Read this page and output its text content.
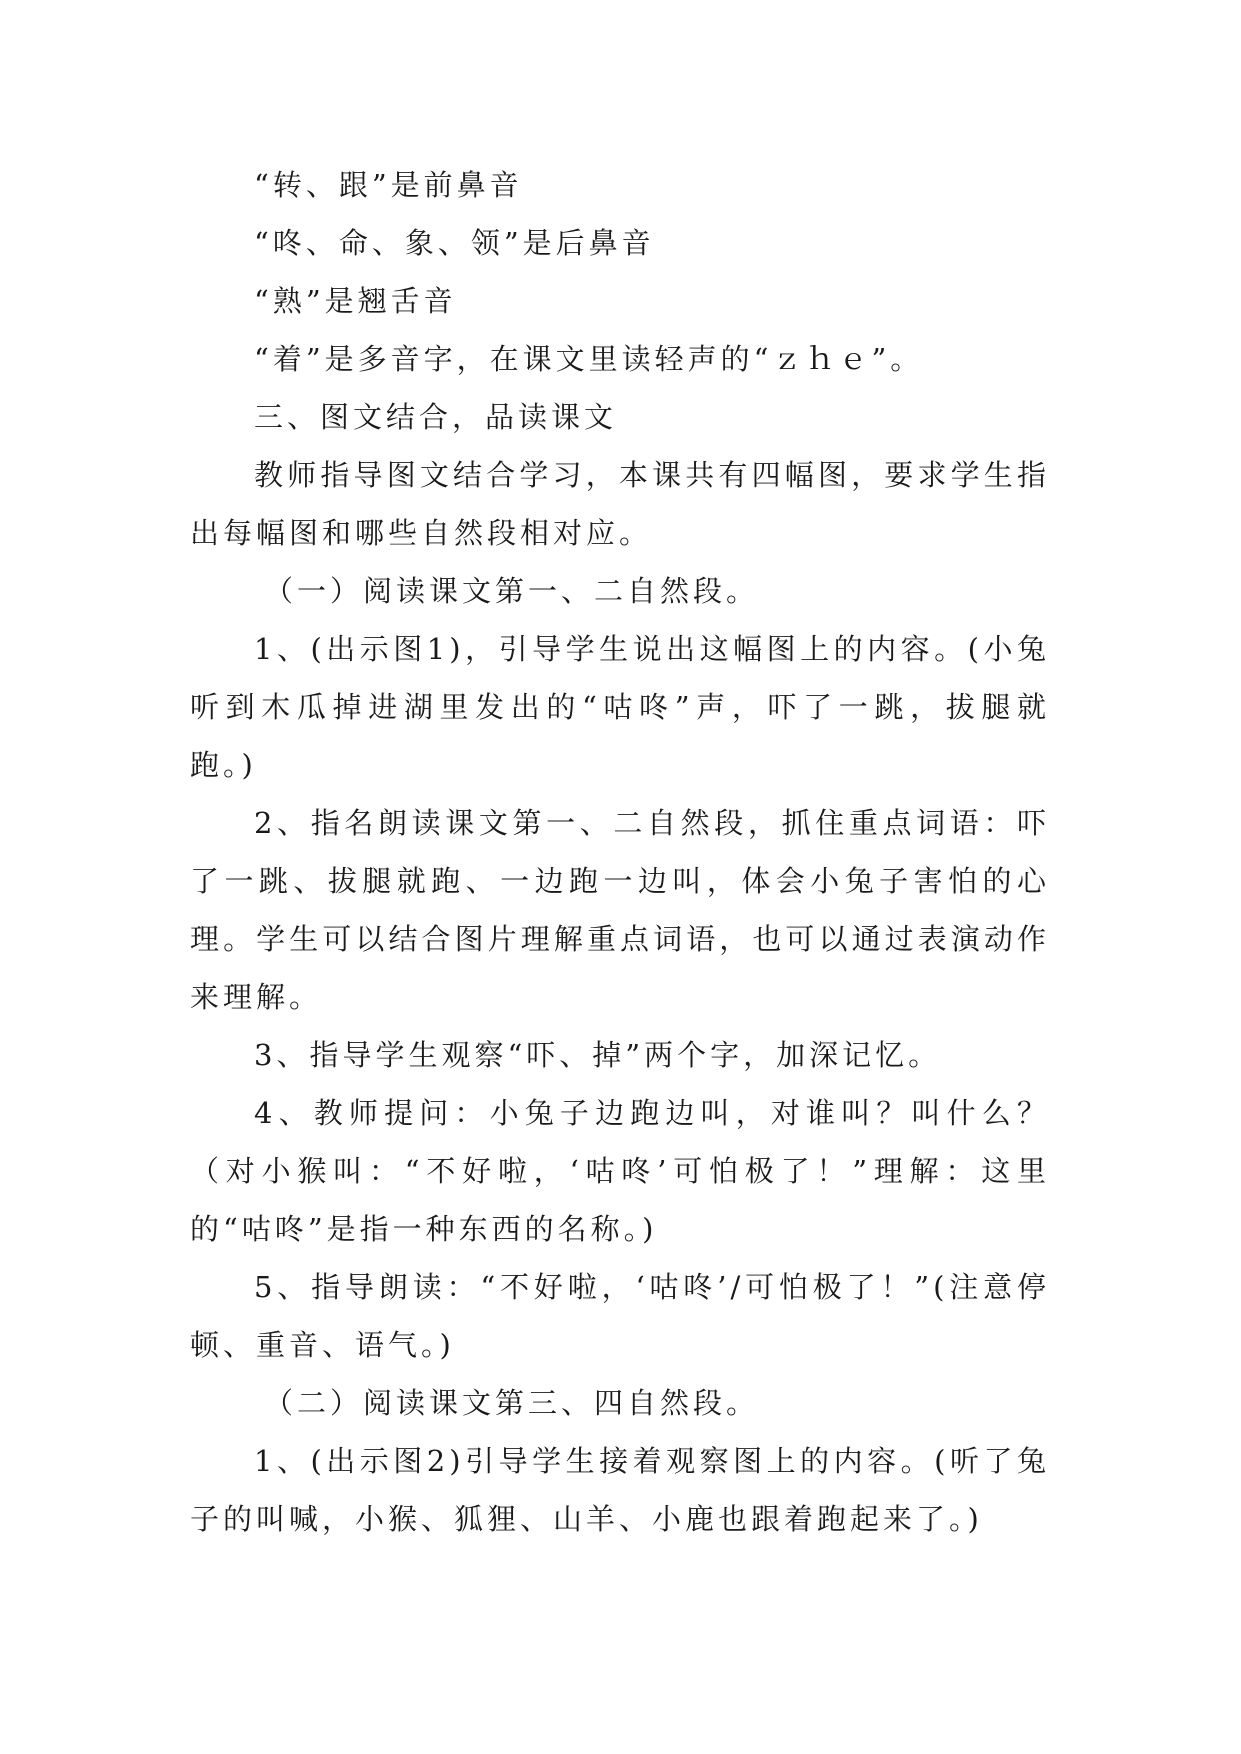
“转、跟”是前鼻音

“咚、命、象、领”是后鼻音

“熟”是翘舌音

“着”是多音字，在课文里读轻声的“ｚｈｅ”。

三、图文结合，品读课文

教师指导图文结合学习，本课共有四幅图，要求学生指出每幅图和哪些自然段相对应。

（一）阅读课文第一、二自然段。

1、(出示图1)，引导学生说出这幅图上的内容。(小兔听到木瓜掉进湖里发出的“咕咚”声，吓了一跳，拔腿就跑。)

2、指名朗读课文第一、二自然段，抓住重点词语：吓了一跳、拔腿就跑、一边跑一边叫，体会小兔子害怕的心理。学生可以结合图片理解重点词语，也可以通过表演动作来理解。

3、指导学生观察“吓、掉”两个字，加深记忆。

4、教师提问：小兔子边跑边叫，对谁叫？叫什么？（对小猴叫：“不好啦，‘咕咚’可怕极了！”理解：这里的“咕咚”是指一种东西的名称。)

5、指导朗读：“不好啦，‘咕咚’/可怕极了！”(注意停顿、重音、语气。)

（二）阅读课文第三、四自然段。

1、(出示图2)引导学生接着观察图上的内容。(听了兔子的叫喊，小猴、狐狸、山羊、小鹿也跟着跑起来了。)
